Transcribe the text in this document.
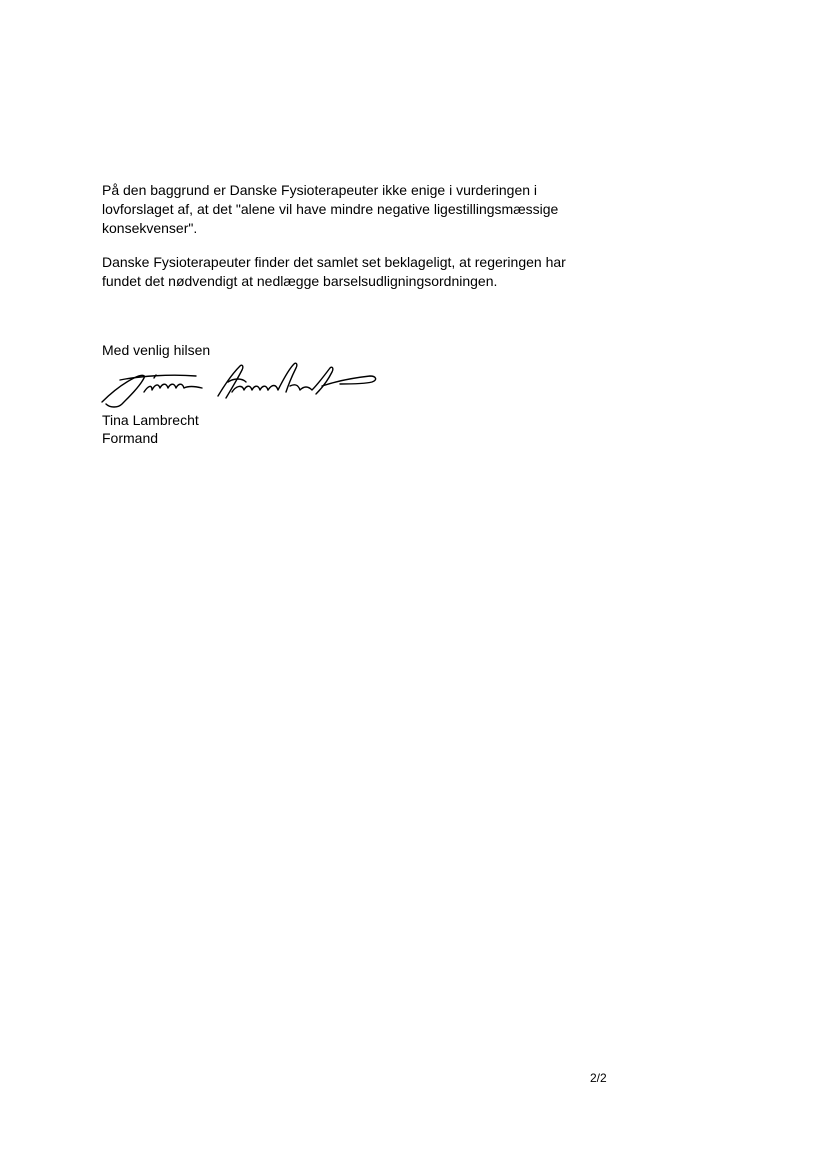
På den baggrund er Danske Fysioterapeuter ikke enige i vurderingen i
lovforslaget af, at det "alene vil have mindre negative ligestillingsmæssige
konsekvenser".

Danske Fysioterapeuter finder det samlet set beklageligt, at regeringen har
fundet det nødvendigt at nedlægge barselsudligningsordningen.

Med venlig hilsen
Tina Lambrecht
Formand
2/2
